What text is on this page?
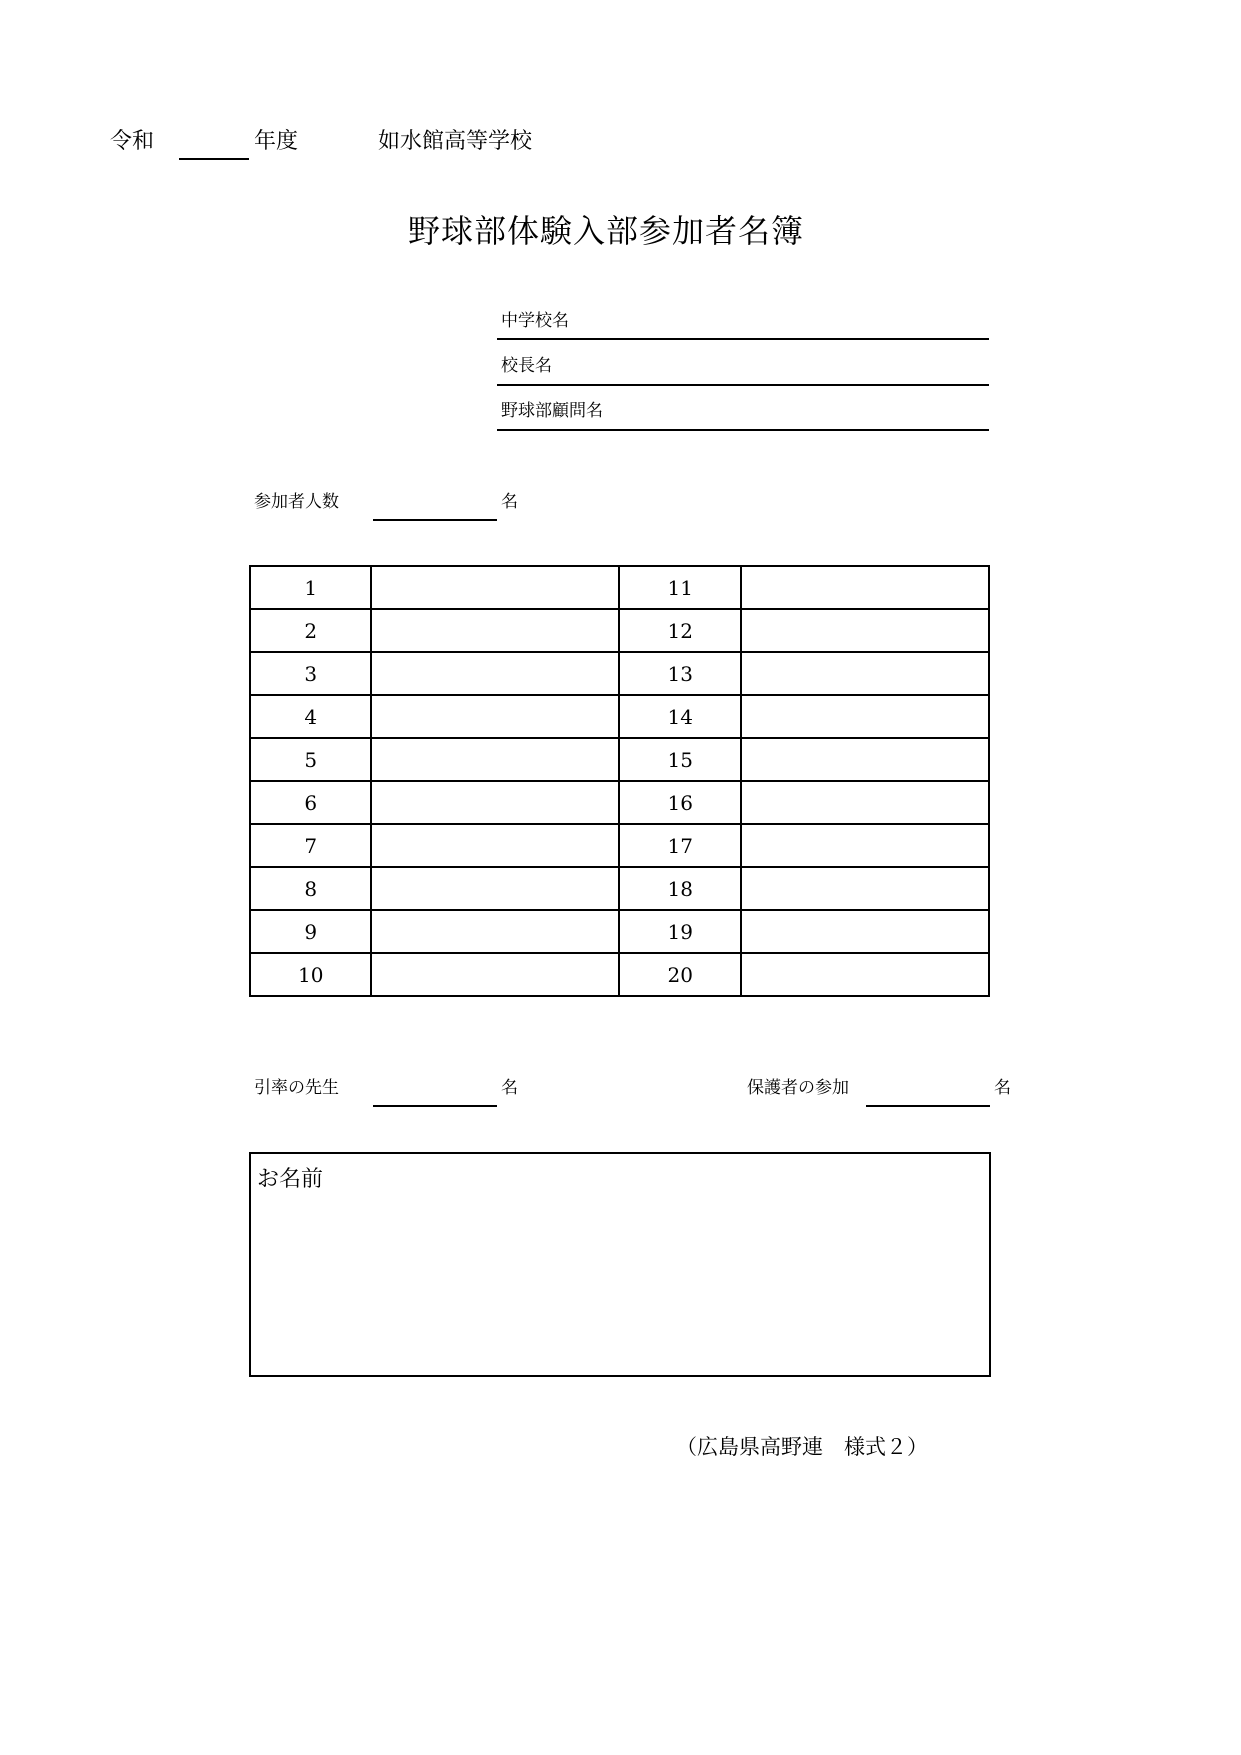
令和	年度	如水館高等学校
野球部体験入部参加者名簿
中学校名
校長名
野球部顧問名
参加者人数	名
1		11	
2		12	
3		13	
4		14	
5		15	
6		16	
7		17	
8		18	
9		19	
10		20	
引率の先生	名	保護者の参加	名
お名前
（広島県高野連　様式２）
